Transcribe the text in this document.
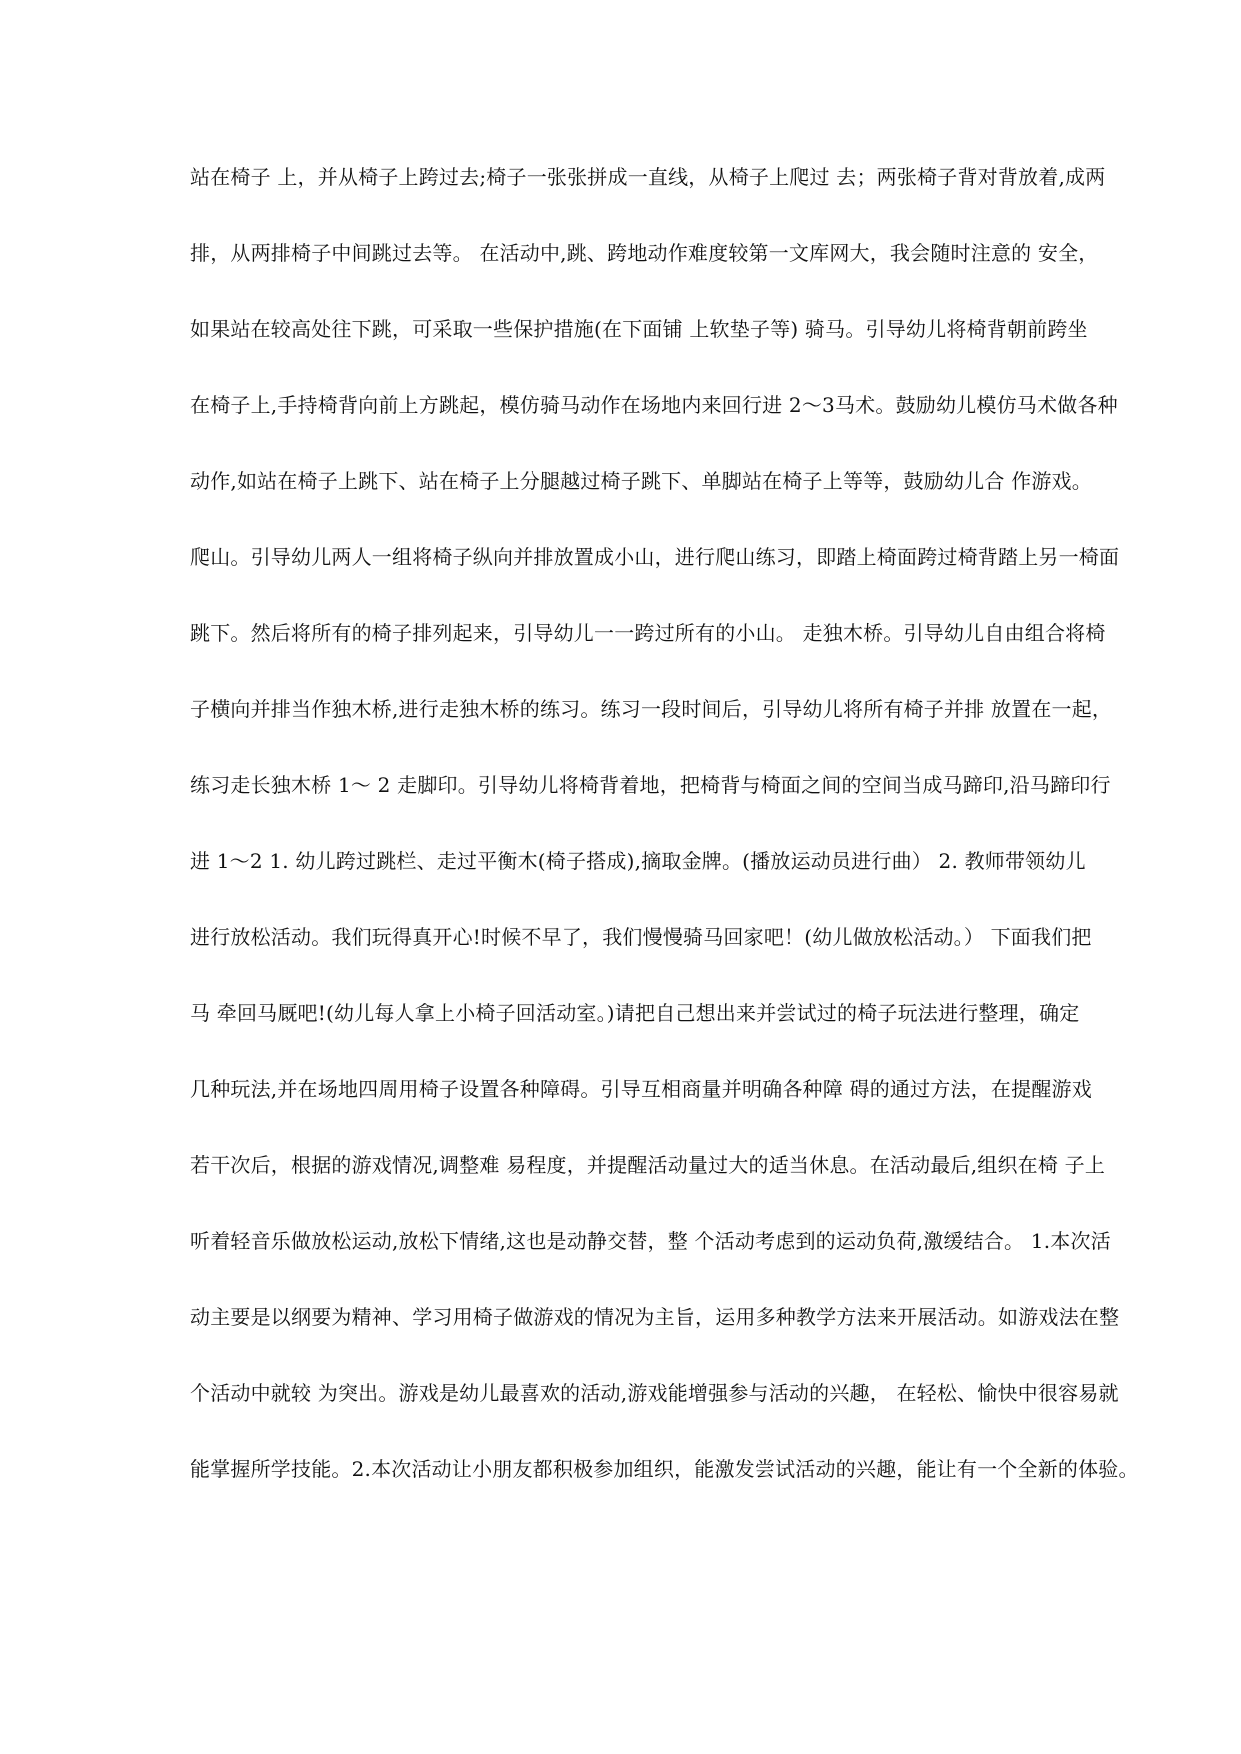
站在椅子 上，并从椅子上跨过去;椅子一张张拼成一直线，从椅子上爬过 去；两张椅子背对背放着,成两
排，从两排椅子中间跳过去等。 在活动中,跳、跨地动作难度较第一文库网大，我会随时注意的 安全，
如果站在较高处往下跳，可采取一些保护措施(在下面铺 上软垫子等) 骑马。引导幼儿将椅背朝前跨坐
在椅子上,手持椅背向前上方跳起，模仿骑马动作在场地内来回行进 2～3马术。鼓励幼儿模仿马术做各种
动作,如站在椅子上跳下、站在椅子上分腿越过椅子跳下、单脚站在椅子上等等，鼓励幼儿合 作游戏。
爬山。引导幼儿两人一组将椅子纵向并排放置成小山，进行爬山练习，即踏上椅面跨过椅背踏上另一椅面
跳下。然后将所有的椅子排列起来，引导幼儿一一跨过所有的小山。 走独木桥。引导幼儿自由组合将椅
子横向并排当作独木桥,进行走独木桥的练习。练习一段时间后，引导幼儿将所有椅子并排 放置在一起，
练习走长独木桥 1～ 2 走脚印。引导幼儿将椅背着地，把椅背与椅面之间的空间当成马蹄印,沿马蹄印行
进 1～2 1. 幼儿跨过跳栏、走过平衡木(椅子搭成),摘取金牌。(播放运动员进行曲） 2. 教师带领幼儿
进行放松活动。我们玩得真开心!时候不早了，我们慢慢骑马回家吧！(幼儿做放松活动。） 下面我们把
马 牵回马厩吧!(幼儿每人拿上小椅子回活动室。)请把自己想出来并尝试过的椅子玩法进行整理，确定
几种玩法,并在场地四周用椅子设置各种障碍。引导互相商量并明确各种障 碍的通过方法，在提醒游戏
若干次后，根据的游戏情况,调整难 易程度，并提醒活动量过大的适当休息。在活动最后,组织在椅 子上
听着轻音乐做放松运动,放松下情绪,这也是动静交替，整 个活动考虑到的运动负荷,激缓结合。 1.本次活
动主要是以纲要为精神、学习用椅子做游戏的情况为主旨，运用多种教学方法来开展活动。如游戏法在整
个活动中就较 为突出。游戏是幼儿最喜欢的活动,游戏能增强参与活动的兴趣， 在轻松、愉快中很容易就
能掌握所学技能。2.本次活动让小朋友都积极参加组织，能激发尝试活动的兴趣，能让有一个全新的体验。
